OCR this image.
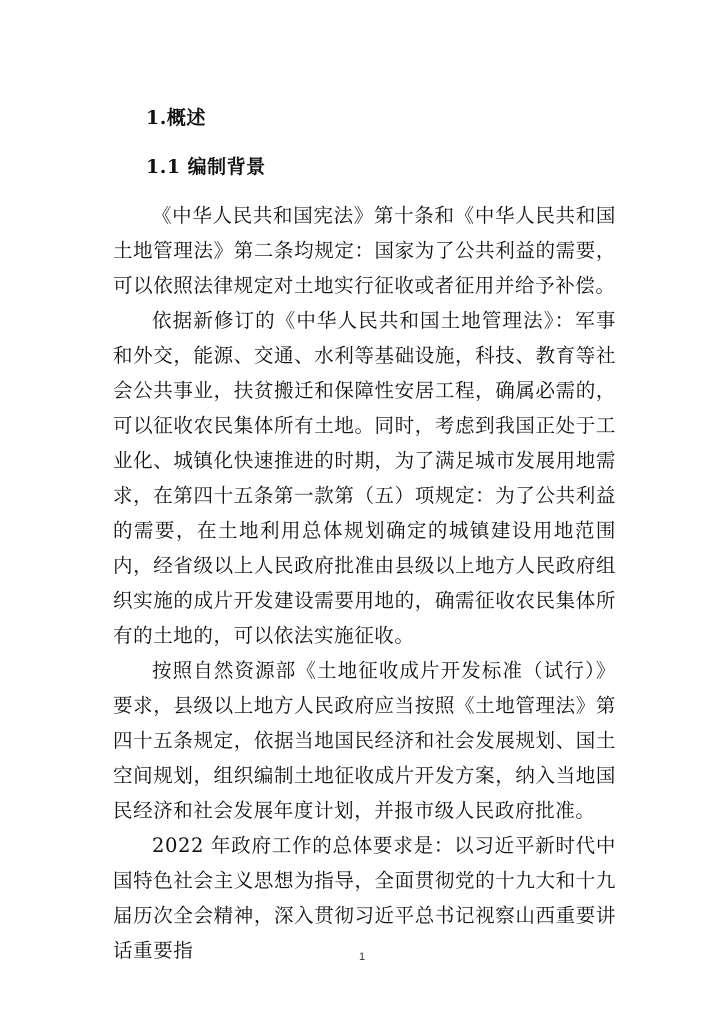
1.概述
1.1 编制背景

《中华人民共和国宪法》第十条和《中华人民共和国土地管理法》第二条均规定：国家为了公共利益的需要，可以依照法律规定对土地实行征收或者征用并给予补偿。

依据新修订的《中华人民共和国土地管理法》：军事和外交，能源、交通、水利等基础设施，科技、教育等社会公共事业，扶贫搬迁和保障性安居工程，确属必需的，可以征收农民集体所有土地。同时，考虑到我国正处于工业化、城镇化快速推进的时期，为了满足城市发展用地需求，在第四十五条第一款第（五）项规定：为了公共利益的需要，在土地利用总体规划确定的城镇建设用地范围内，经省级以上人民政府批准由县级以上地方人民政府组织实施的成片开发建设需要用地的，确需征收农民集体所有的土地的，可以依法实施征收。

按照自然资源部《土地征收成片开发标准（试行）》要求，县级以上地方人民政府应当按照《土地管理法》第四十五条规定，依据当地国民经济和社会发展规划、国土空间规划，组织编制土地征收成片开发方案，纳入当地国民经济和社会发展年度计划，并报市级人民政府批准。

2022 年政府工作的总体要求是：以习近平新时代中国特色社会主义思想为指导，全面贯彻党的十九大和十九届历次全会精神，深入贯彻习近平总书记视察山西重要讲话重要指	1
